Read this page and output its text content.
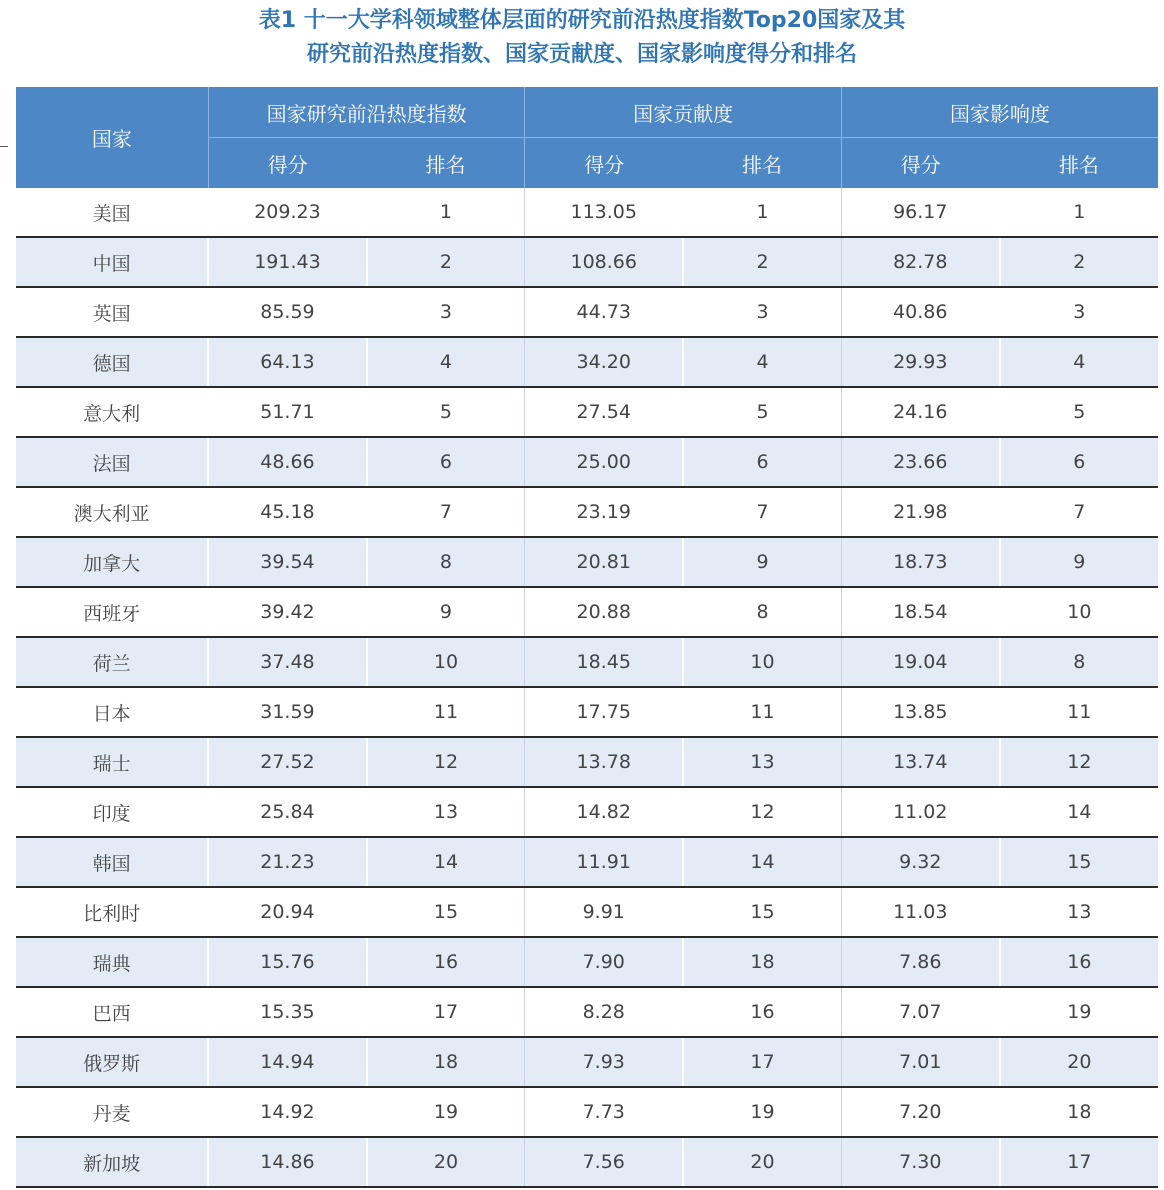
表1 十一大学科领域整体层面的研究前沿热度指数Top20国家及其
研究前沿热度指数、国家贡献度、国家影响度得分和排名
国家	国家研究前沿热度指数		国家贡献度		国家影响度	
	得分	排名	得分	排名	得分	排名
美国	209.23	1	113.05	1	96.17	1
中国	191.43	2	108.66	2	82.78	2
英国	85.59	3	44.73	3	40.86	3
德国	64.13	4	34.20	4	29.93	4
意大利	51.71	5	27.54	5	24.16	5
法国	48.66	6	25.00	6	23.66	6
澳大利亚	45.18	7	23.19	7	21.98	7
加拿大	39.54	8	20.81	9	18.73	9
西班牙	39.42	9	20.88	8	18.54	10
荷兰	37.48	10	18.45	10	19.04	8
日本	31.59	11	17.75	11	13.85	11
瑞士	27.52	12	13.78	13	13.74	12
印度	25.84	13	14.82	12	11.02	14
韩国	21.23	14	11.91	14	9.32	15
比利时	20.94	15	9.91	15	11.03	13
瑞典	15.76	16	7.90	18	7.86	16
巴西	15.35	17	8.28	16	7.07	19
俄罗斯	14.94	18	7.93	17	7.01	20
丹麦	14.92	19	7.73	19	7.20	18
新加坡	14.86	20	7.56	20	7.30	17
